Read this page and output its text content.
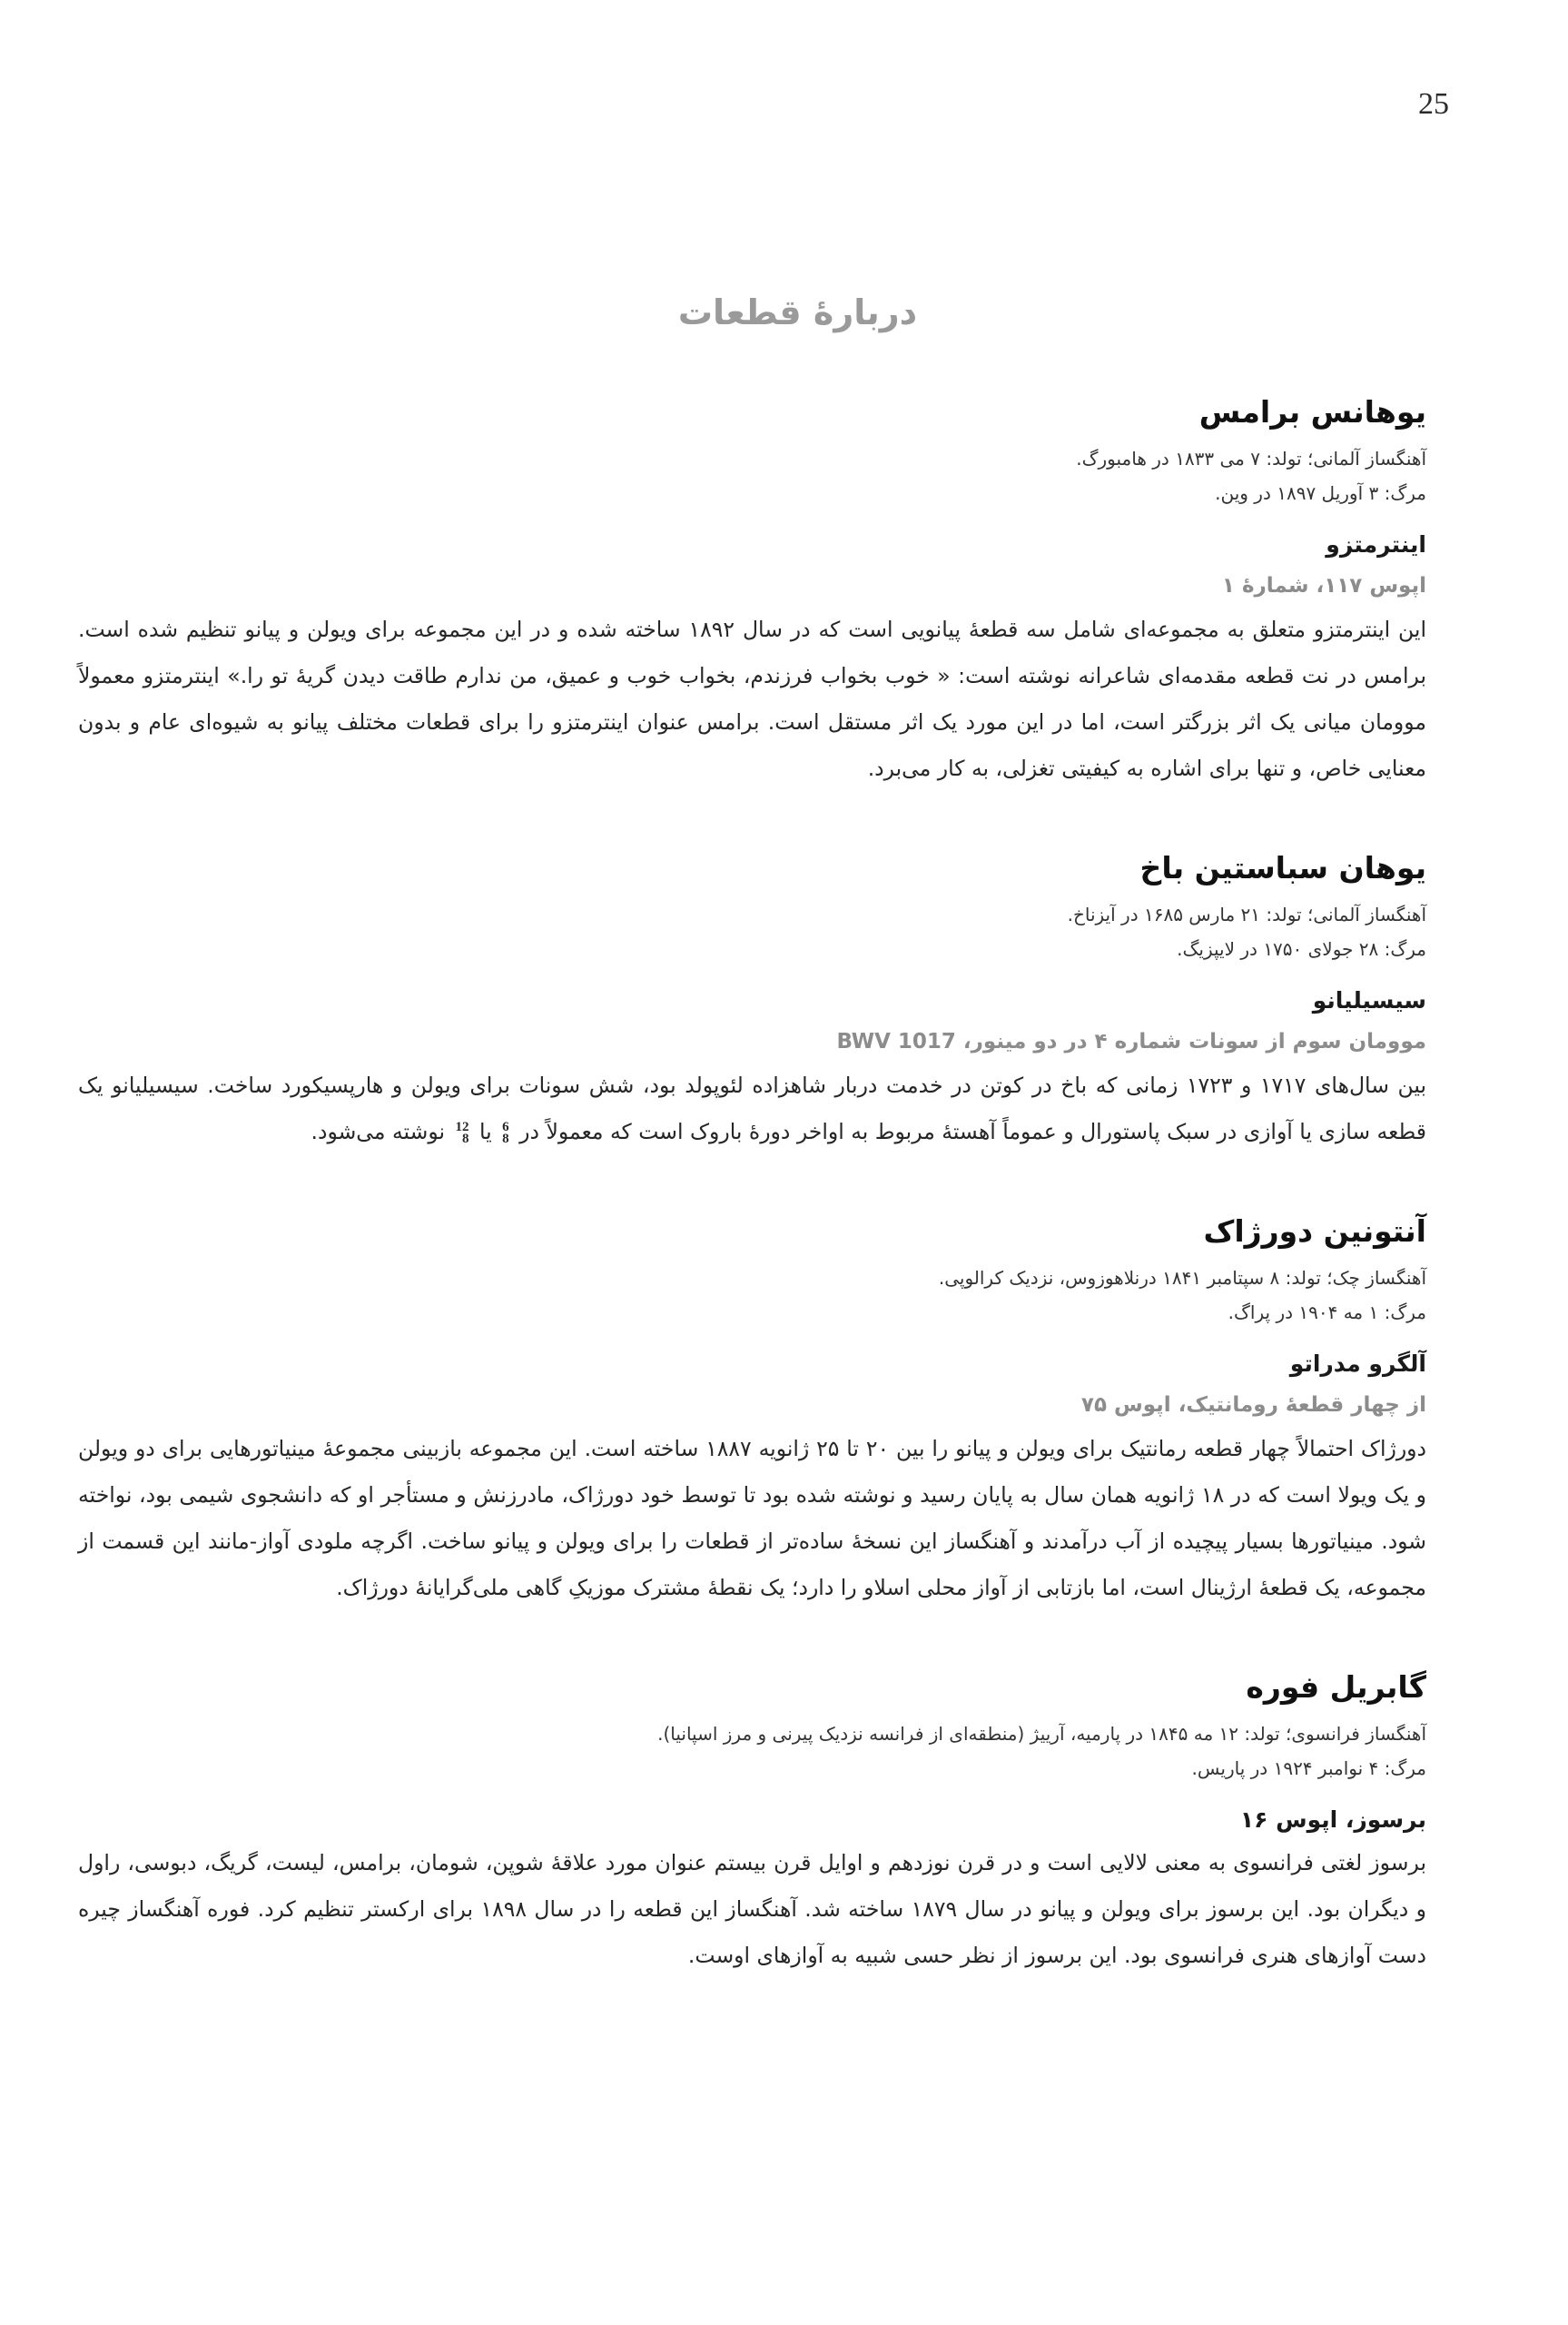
25
دربارهٔ قطعات
یوهانس برامس

آهنگساز آلمانی؛ تولد: ۷ می ۱۸۳۳ در هامبورگ.

مرگ: ۳ آوریل ۱۸۹۷ در وین.

اینترمتزو

اپوس ۱۱۷، شمارهٔ ۱

این اینترمتزو متعلق به مجموعه‌ای شامل سه قطعهٔ پیانویی است که در سال ۱۸۹۲ ساخته شده و در این مجموعه برای ویولن و پیانو تنظیم شده است. برامس در نت قطعه مقدمه‌ای شاعرانه نوشته است: « خوب بخواب فرزندم، بخواب خوب و عمیق، من ندارم طاقت دیدن گریهٔ تو را.» اینترمتزو معمولاً موومان میانی یک اثر بزرگتر است، اما در این مورد یک اثر مستقل است. برامس عنوان اینترمتزو را برای قطعات مختلف پیانو به شیوه‌ای عام و بدون معنایی خاص، و تنها برای اشاره به کیفیتی تغزلی، به کار می‌برد.

یوهان سباستین باخ

آهنگساز آلمانی؛ تولد: ۲۱ مارس ۱۶۸۵ در آیزناخ.

مرگ: ۲۸ جولای ۱۷۵۰ در لایپزیگ.

سیسیلیانو

موومان سوم از سونات شماره ۴ در دو مینور، BWV 1017

بین سال‌های ۱۷۱۷ و ۱۷۲۳ زمانی که باخ در کوتن در خدمت دربار شاهزاده لئوپولد بود، شش سونات برای ویولن و هارپسیکورد ساخت. سیسیلیانو یک قطعه سازی یا آوازی در سبک پاستورال و عموماً آهستهٔ مربوط به اواخر دورهٔ باروک است که معمولاً در
6
8
یا
12
8
نوشته می‌شود.

آنتونین دورژاک

آهنگساز چک؛ تولد: ۸ سپتامبر ۱۸۴۱ درنلاهوزوس، نزدیک کرالوپی.

مرگ: ۱ مه ۱۹۰۴ در پراگ.

آلگرو مدراتو

از چهار قطعهٔ رومانتیک، اپوس ۷۵

دورژاک احتمالاً چهار قطعه رمانتیک برای ویولن و پیانو را بین ۲۰ تا ۲۵ ژانویه ۱۸۸۷ ساخته است. این مجموعه بازبینی مجموعهٔ مینیاتورهایی برای دو ویولن و یک ویولا است که در ۱۸ ژانویه همان سال به پایان رسید و نوشته شده بود تا توسط خود دورژاک، مادرزنش و مستأجر او که دانشجوی شیمی بود، نواخته شود. مینیاتورها بسیار پیچیده از آب درآمدند و آهنگساز این نسخهٔ ساده‌تر از قطعات را برای ویولن و پیانو ساخت. اگرچه ملودی آواز-مانند این قسمت از مجموعه، یک قطعهٔ ارژینال است، اما بازتابی از آواز محلی اسلاو را دارد؛ یک نقطهٔ مشترک موزیکِ گاهی ملی‌گرایانهٔ دورژاک.

گابریل فوره

آهنگساز فرانسوی؛ تولد: ۱۲ مه ۱۸۴۵ در پارمیه، آرییژ (منطقه‌ای از فرانسه نزدیک پیرنی و مرز اسپانیا).

مرگ: ۴ نوامبر ۱۹۲۴ در پاریس.

برسوز، اپوس ۱۶

برسوز لغتی فرانسوی به معنی لالایی است و در قرن نوزدهم و اوایل قرن بیستم عنوان مورد علاقهٔ شوپن، شومان، برامس، لیست، گریگ، دبوسی، راول و دیگران بود. این برسوز برای ویولن و پیانو در سال ۱۸۷۹ ساخته شد. آهنگساز این قطعه را در سال ۱۸۹۸ برای ارکستر تنظیم کرد. فوره آهنگساز چیره دست آوازهای هنری فرانسوی بود. این برسوز از نظر حسی شبیه به آوازهای اوست.
